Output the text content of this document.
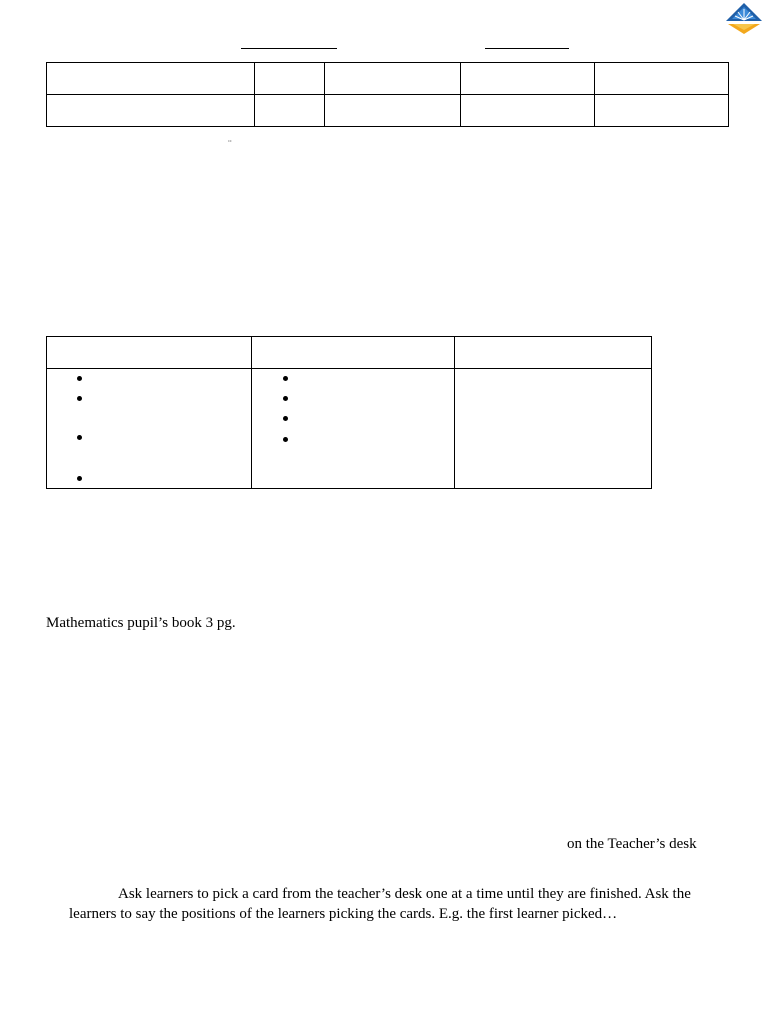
¨

Mathematics pupil’s book 3 pg.
on the Teacher’s desk
Ask learners to pick a card from the teacher’s desk one at a time until they are finished. Ask the
learners to say the positions of the learners picking the cards. E.g. the first learner picked…
